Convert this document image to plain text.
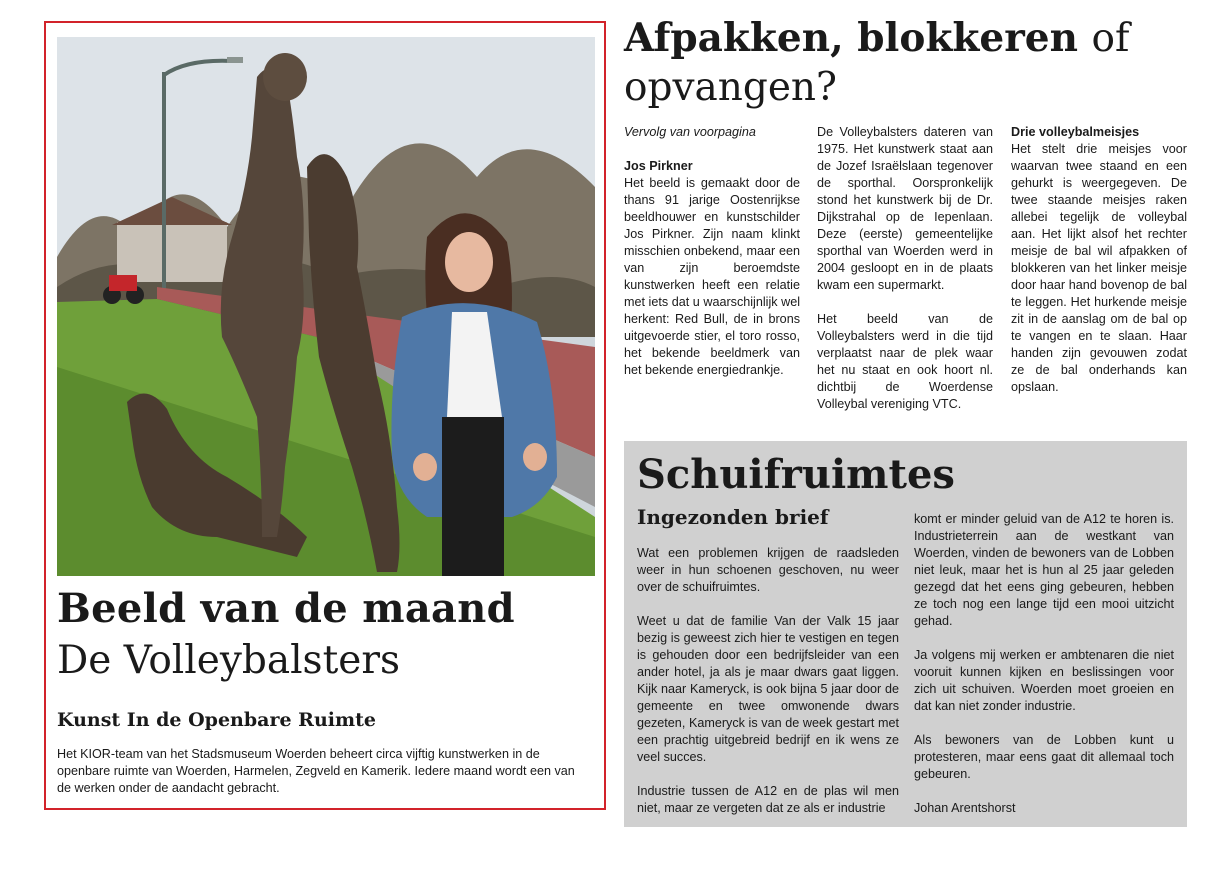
Beeld van de maand
De Volleybalsters
Kunst In de Openbare Ruimte

Het KIOR-team van het Stadsmuseum Woerden beheert circa vijftig kunstwerken in de openbare ruimte van Woerden, Harmelen, Zegveld en Kamerik. Iedere maand wordt een van de werken onder de aandacht gebracht.

Afpakken, blokkeren of
opvangen?

Vervolg van voorpagina

Jos Pirkner

Het beeld is gemaakt door de thans 91 jarige Oostenrijkse beeldhouwer en kunstschilder Jos Pirkner. Zijn naam klinkt misschien onbekend, maar een van zijn beroemdste kunstwerken heeft een relatie met iets dat u waarschijnlijk wel herkent: Red Bull, de in brons uitgevoerde stier, el toro rosso, het bekende beeldmerk van het bekende energiedrankje.

De Volleybalsters dateren van 1975. Het kunstwerk staat aan de Jozef Israëlslaan tegenover de sporthal. Oorspronkelijk stond het kunstwerk bij de Dr. Dijkstrahal op de Iepenlaan. Deze (eerste) gemeentelijke sporthal van Woerden werd in 2004 gesloopt en in de plaats kwam een supermarkt.

Het beeld van de Volleybalsters werd in die tijd verplaatst naar de plek waar het nu staat en ook hoort nl. dichtbij de Woerdense Volleybal vereniging VTC.

Drie volleybalmeisjes

Het stelt drie meisjes voor waarvan twee staand en een gehurkt is weergegeven. De twee staande meisjes raken allebei tegelijk de volleybal aan. Het lijkt alsof het rechter meisje de bal wil afpakken of blokkeren van het linker meisje door haar hand bovenop de bal te leggen. Het hurkende meisje zit in de aanslag om de bal op te vangen en te slaan. Haar handen zijn gevouwen zodat ze de bal onderhands kan opslaan.

Schuifruimtes
Ingezonden brief

Wat een problemen krijgen de raadsleden weer in hun schoenen geschoven, nu weer over de schuifruimtes.

Weet u dat de familie Van der Valk 15 jaar bezig is geweest zich hier te vestigen en tegen is gehouden door een bedrijfsleider van een ander hotel, ja als je maar dwars gaat liggen. Kijk naar Kameryck, is ook bijna 5 jaar door de gemeente en twee omwonende dwars gezeten, Kameryck is van de week gestart met een prachtig uitgebreid bedrijf en ik wens ze veel succes.

Industrie tussen de A12 en de plas wil men niet, maar ze vergeten dat ze als er industrie

komt er minder geluid van de A12 te horen is. Industrieterrein aan de westkant van Woerden, vinden de bewoners van de Lobben niet leuk, maar het is hun al 25 jaar geleden gezegd dat het eens ging gebeuren, hebben ze toch nog een lange tijd een mooi uitzicht gehad.

Ja volgens mij werken er ambtenaren die niet vooruit kunnen kijken en beslissingen voor zich uit schuiven. Woerden moet groeien en dat kan niet zonder industrie.

Als bewoners van de Lobben kunt u protesteren, maar eens gaat dit allemaal toch gebeuren.

Johan Arentshorst
